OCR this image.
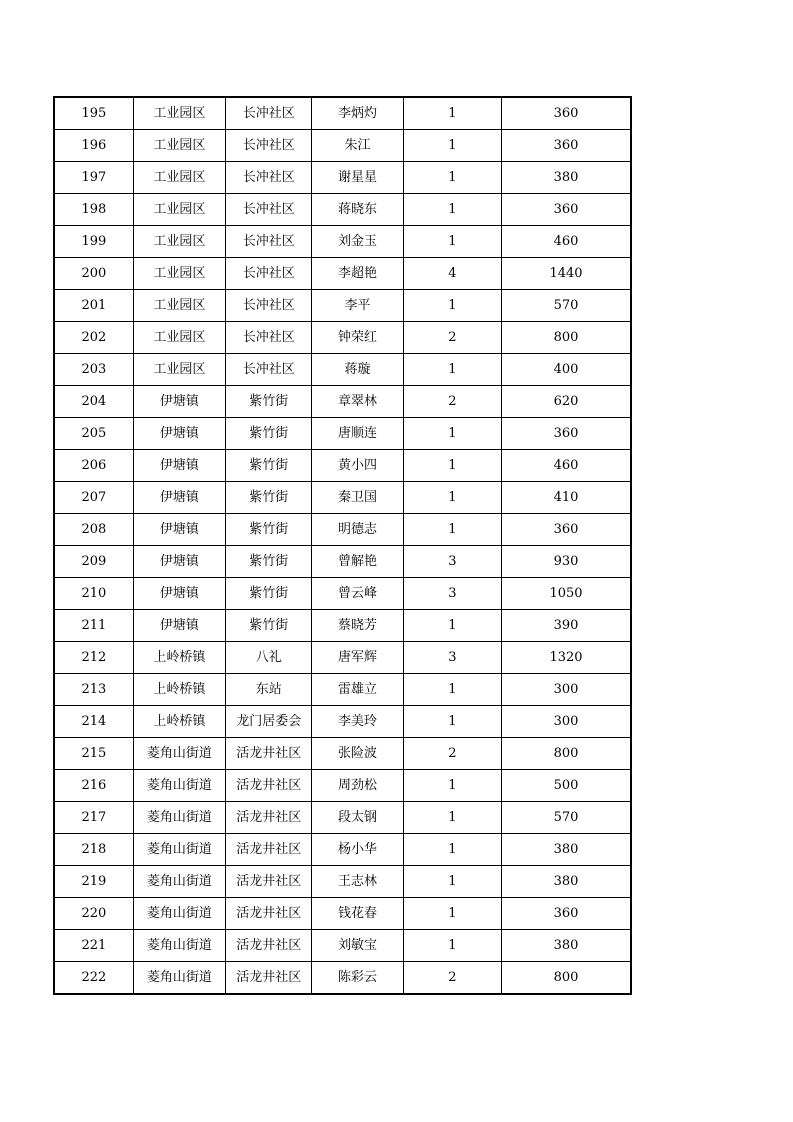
195	工业园区	长冲社区	李炳灼	1	360
196	工业园区	长冲社区	朱江	1	360
197	工业园区	长冲社区	谢星星	1	380
198	工业园区	长冲社区	蒋晓东	1	360
199	工业园区	长冲社区	刘金玉	1	460
200	工业园区	长冲社区	李超艳	4	1440
201	工业园区	长冲社区	李平	1	570
202	工业园区	长冲社区	钟荣红	2	800
203	工业园区	长冲社区	蒋璇	1	400
204	伊塘镇	紫竹街	章翠林	2	620
205	伊塘镇	紫竹街	唐顺连	1	360
206	伊塘镇	紫竹街	黄小四	1	460
207	伊塘镇	紫竹街	秦卫国	1	410
208	伊塘镇	紫竹街	明德志	1	360
209	伊塘镇	紫竹街	曾解艳	3	930
210	伊塘镇	紫竹街	曾云峰	3	1050
211	伊塘镇	紫竹街	蔡晓芳	1	390
212	上岭桥镇	八礼	唐军辉	3	1320
213	上岭桥镇	东站	雷雄立	1	300
214	上岭桥镇	龙门居委会	李美玲	1	300
215	菱角山街道	活龙井社区	张险波	2	800
216	菱角山街道	活龙井社区	周劲松	1	500
217	菱角山街道	活龙井社区	段太钢	1	570
218	菱角山街道	活龙井社区	杨小华	1	380
219	菱角山街道	活龙井社区	王志林	1	380
220	菱角山街道	活龙井社区	钱花春	1	360
221	菱角山街道	活龙井社区	刘敏宝	1	380
222	菱角山街道	活龙井社区	陈彩云	2	800
